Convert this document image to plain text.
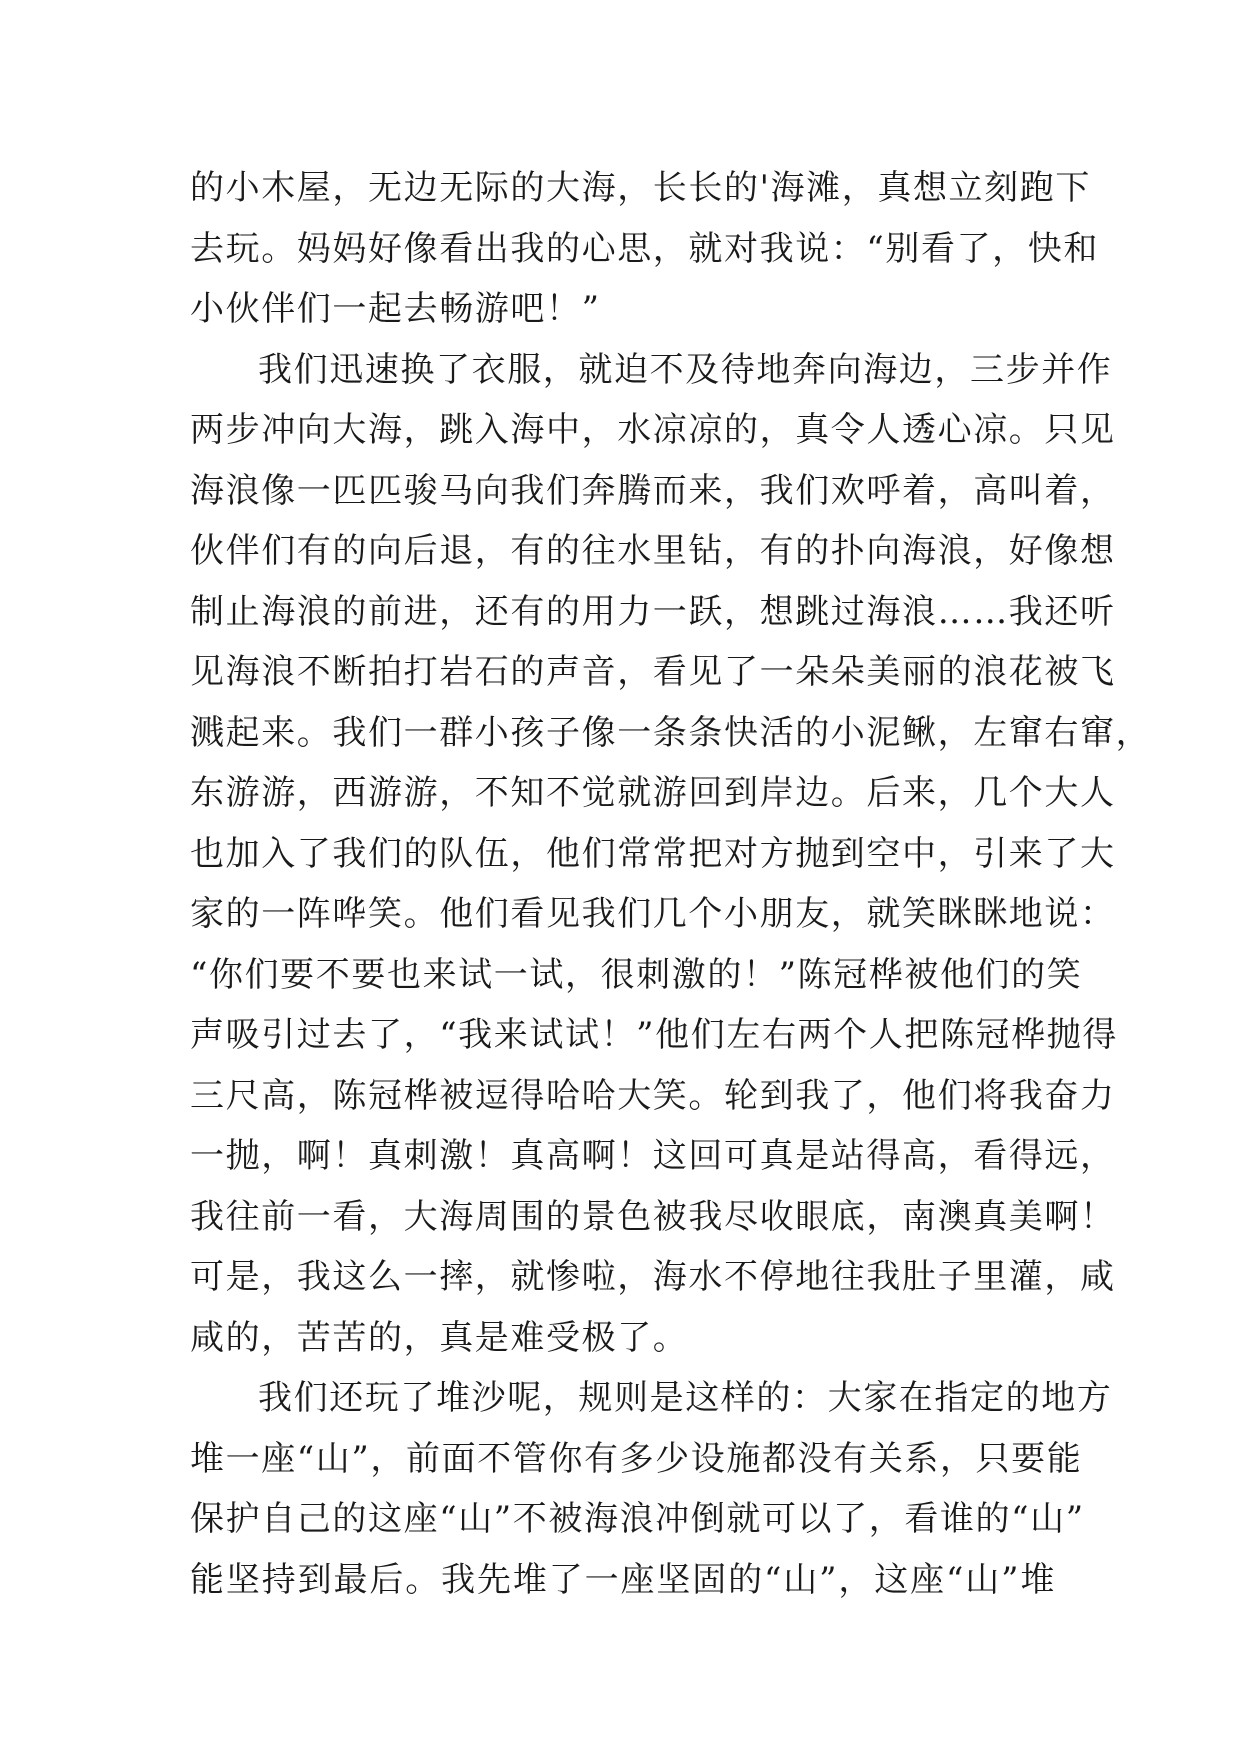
的小木屋，无边无际的大海，长长的'海滩，真想立刻跑下
去玩。妈妈好像看出我的心思，就对我说：“别看了，快和
小伙伴们一起去畅游吧！”
我们迅速换了衣服，就迫不及待地奔向海边，三步并作
两步冲向大海，跳入海中，水凉凉的，真令人透心凉。只见
海浪像一匹匹骏马向我们奔腾而来，我们欢呼着，高叫着，
伙伴们有的向后退，有的往水里钻，有的扑向海浪，好像想
制止海浪的前进，还有的用力一跃，想跳过海浪……我还听
见海浪不断拍打岩石的声音，看见了一朵朵美丽的浪花被飞
溅起来。我们一群小孩子像一条条快活的小泥鳅，左窜右窜，
东游游，西游游，不知不觉就游回到岸边。后来，几个大人
也加入了我们的队伍，他们常常把对方抛到空中，引来了大
家的一阵哗笑。他们看见我们几个小朋友，就笑眯眯地说：
“你们要不要也来试一试，很刺激的！”陈冠桦被他们的笑
声吸引过去了，“我来试试！”他们左右两个人把陈冠桦抛得
三尺高，陈冠桦被逗得哈哈大笑。轮到我了，他们将我奋力
一抛，啊！真刺激！真高啊！这回可真是站得高，看得远，
我往前一看，大海周围的景色被我尽收眼底，南澳真美啊！
可是，我这么一摔，就惨啦，海水不停地往我肚子里灌，咸
咸的，苦苦的，真是难受极了。
我们还玩了堆沙呢，规则是这样的：大家在指定的地方
堆一座“山”，前面不管你有多少设施都没有关系，只要能
保护自己的这座“山”不被海浪冲倒就可以了，看谁的“山”
能坚持到最后。我先堆了一座坚固的“山”，这座“山”堆
